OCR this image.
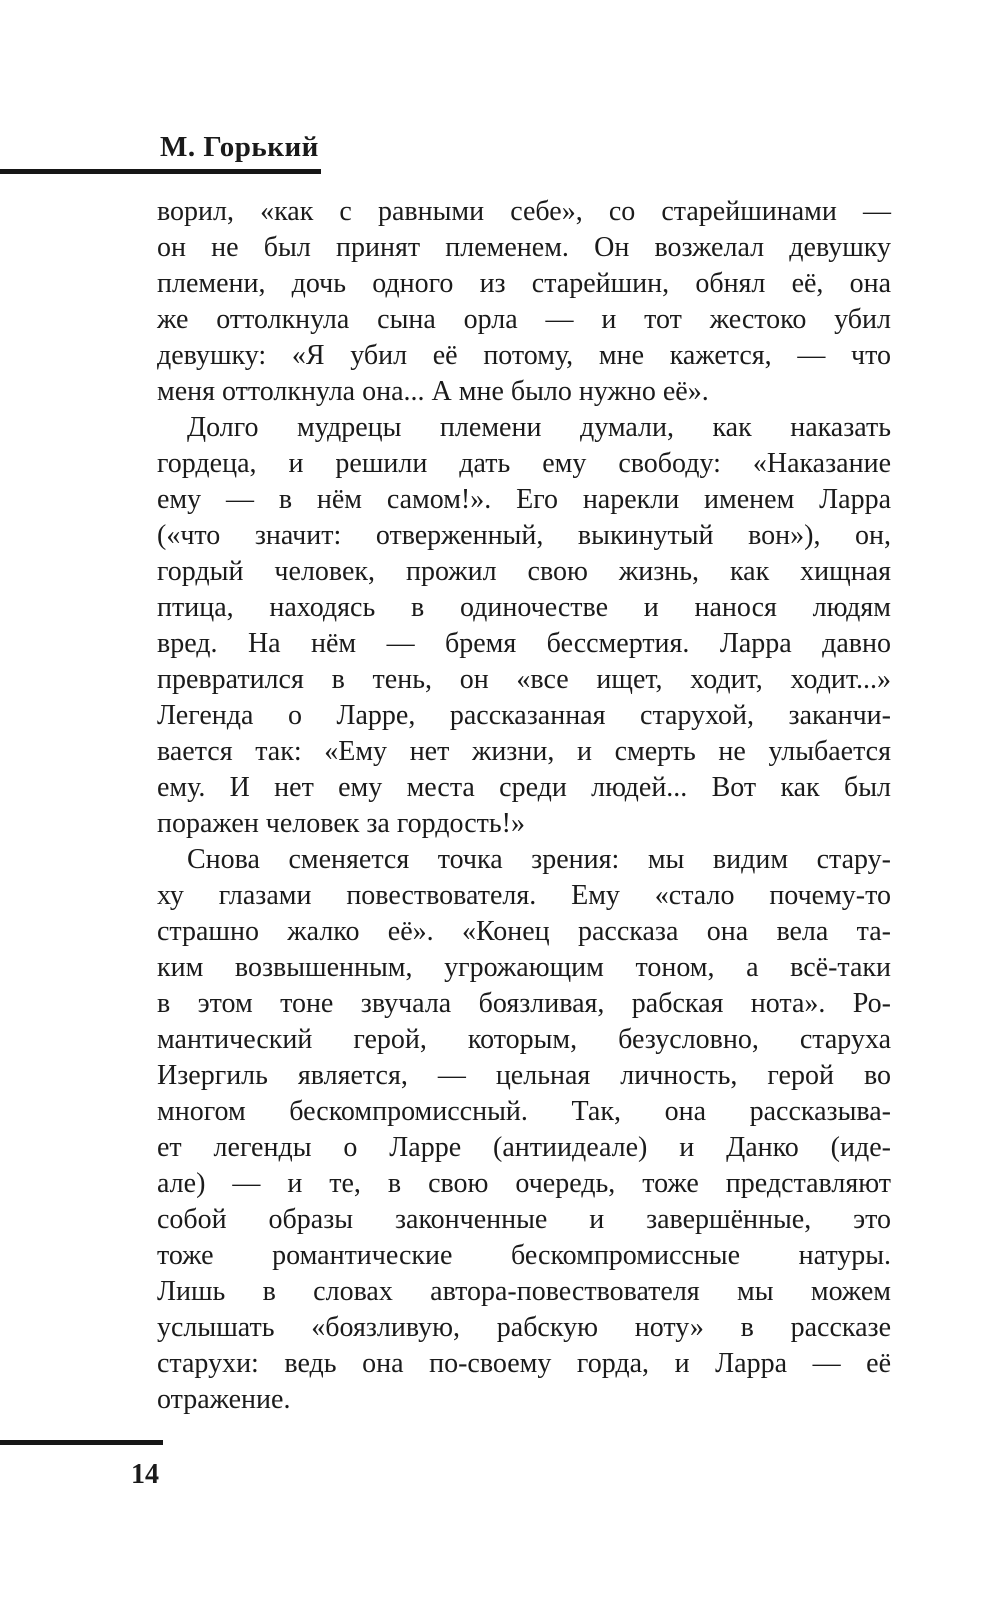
М. Горький
ворил, «как с равными себе», со старейшинами —
он не был принят племенем. Он возжелал девушку
племени, дочь одного из старейшин, обнял её, она
же оттолкнула сына орла — и тот жестоко убил
девушку: «Я убил её потому, мне кажется, — что
меня оттолкнула она... А мне было нужно её».
Долго мудрецы племени думали, как наказать
гордеца, и решили дать ему свободу: «Наказание
ему — в нём самом!». Его нарекли именем Ларра
(«что значит: отверженный, выкинутый вон»), он,
гордый человек, прожил свою жизнь, как хищная
птица, находясь в одиночестве и нанося людям
вред. На нём — бремя бессмертия. Ларра давно
превратился в тень, он «все ищет, ходит, ходит...»
Легенда о Ларре, рассказанная старухой, заканчи-
вается так: «Ему нет жизни, и смерть не улыбается
ему. И нет ему места среди людей... Вот как был
поражен человек за гордость!»
Снова сменяется точка зрения: мы видим стару-
ху глазами повествователя. Ему «стало почему-то
страшно жалко её». «Конец рассказа она вела та-
ким возвышенным, угрожающим тоном, а всё-таки
в этом тоне звучала боязливая, рабская нота». Ро-
мантический герой, которым, безусловно, старуха
Изергиль является, — цельная личность, герой во
многом бескомпромиссный. Так, она рассказыва-
ет легенды о Ларре (антиидеале) и Данко (иде-
але) — и те, в свою очередь, тоже представляют
собой образы законченные и завершённые, это
тоже романтические бескомпромиссные натуры.
Лишь в словах автора-повествователя мы можем
услышать «боязливую, рабскую ноту» в рассказе
старухи: ведь она по-своему горда, и Ларра — её
отражение.
14
